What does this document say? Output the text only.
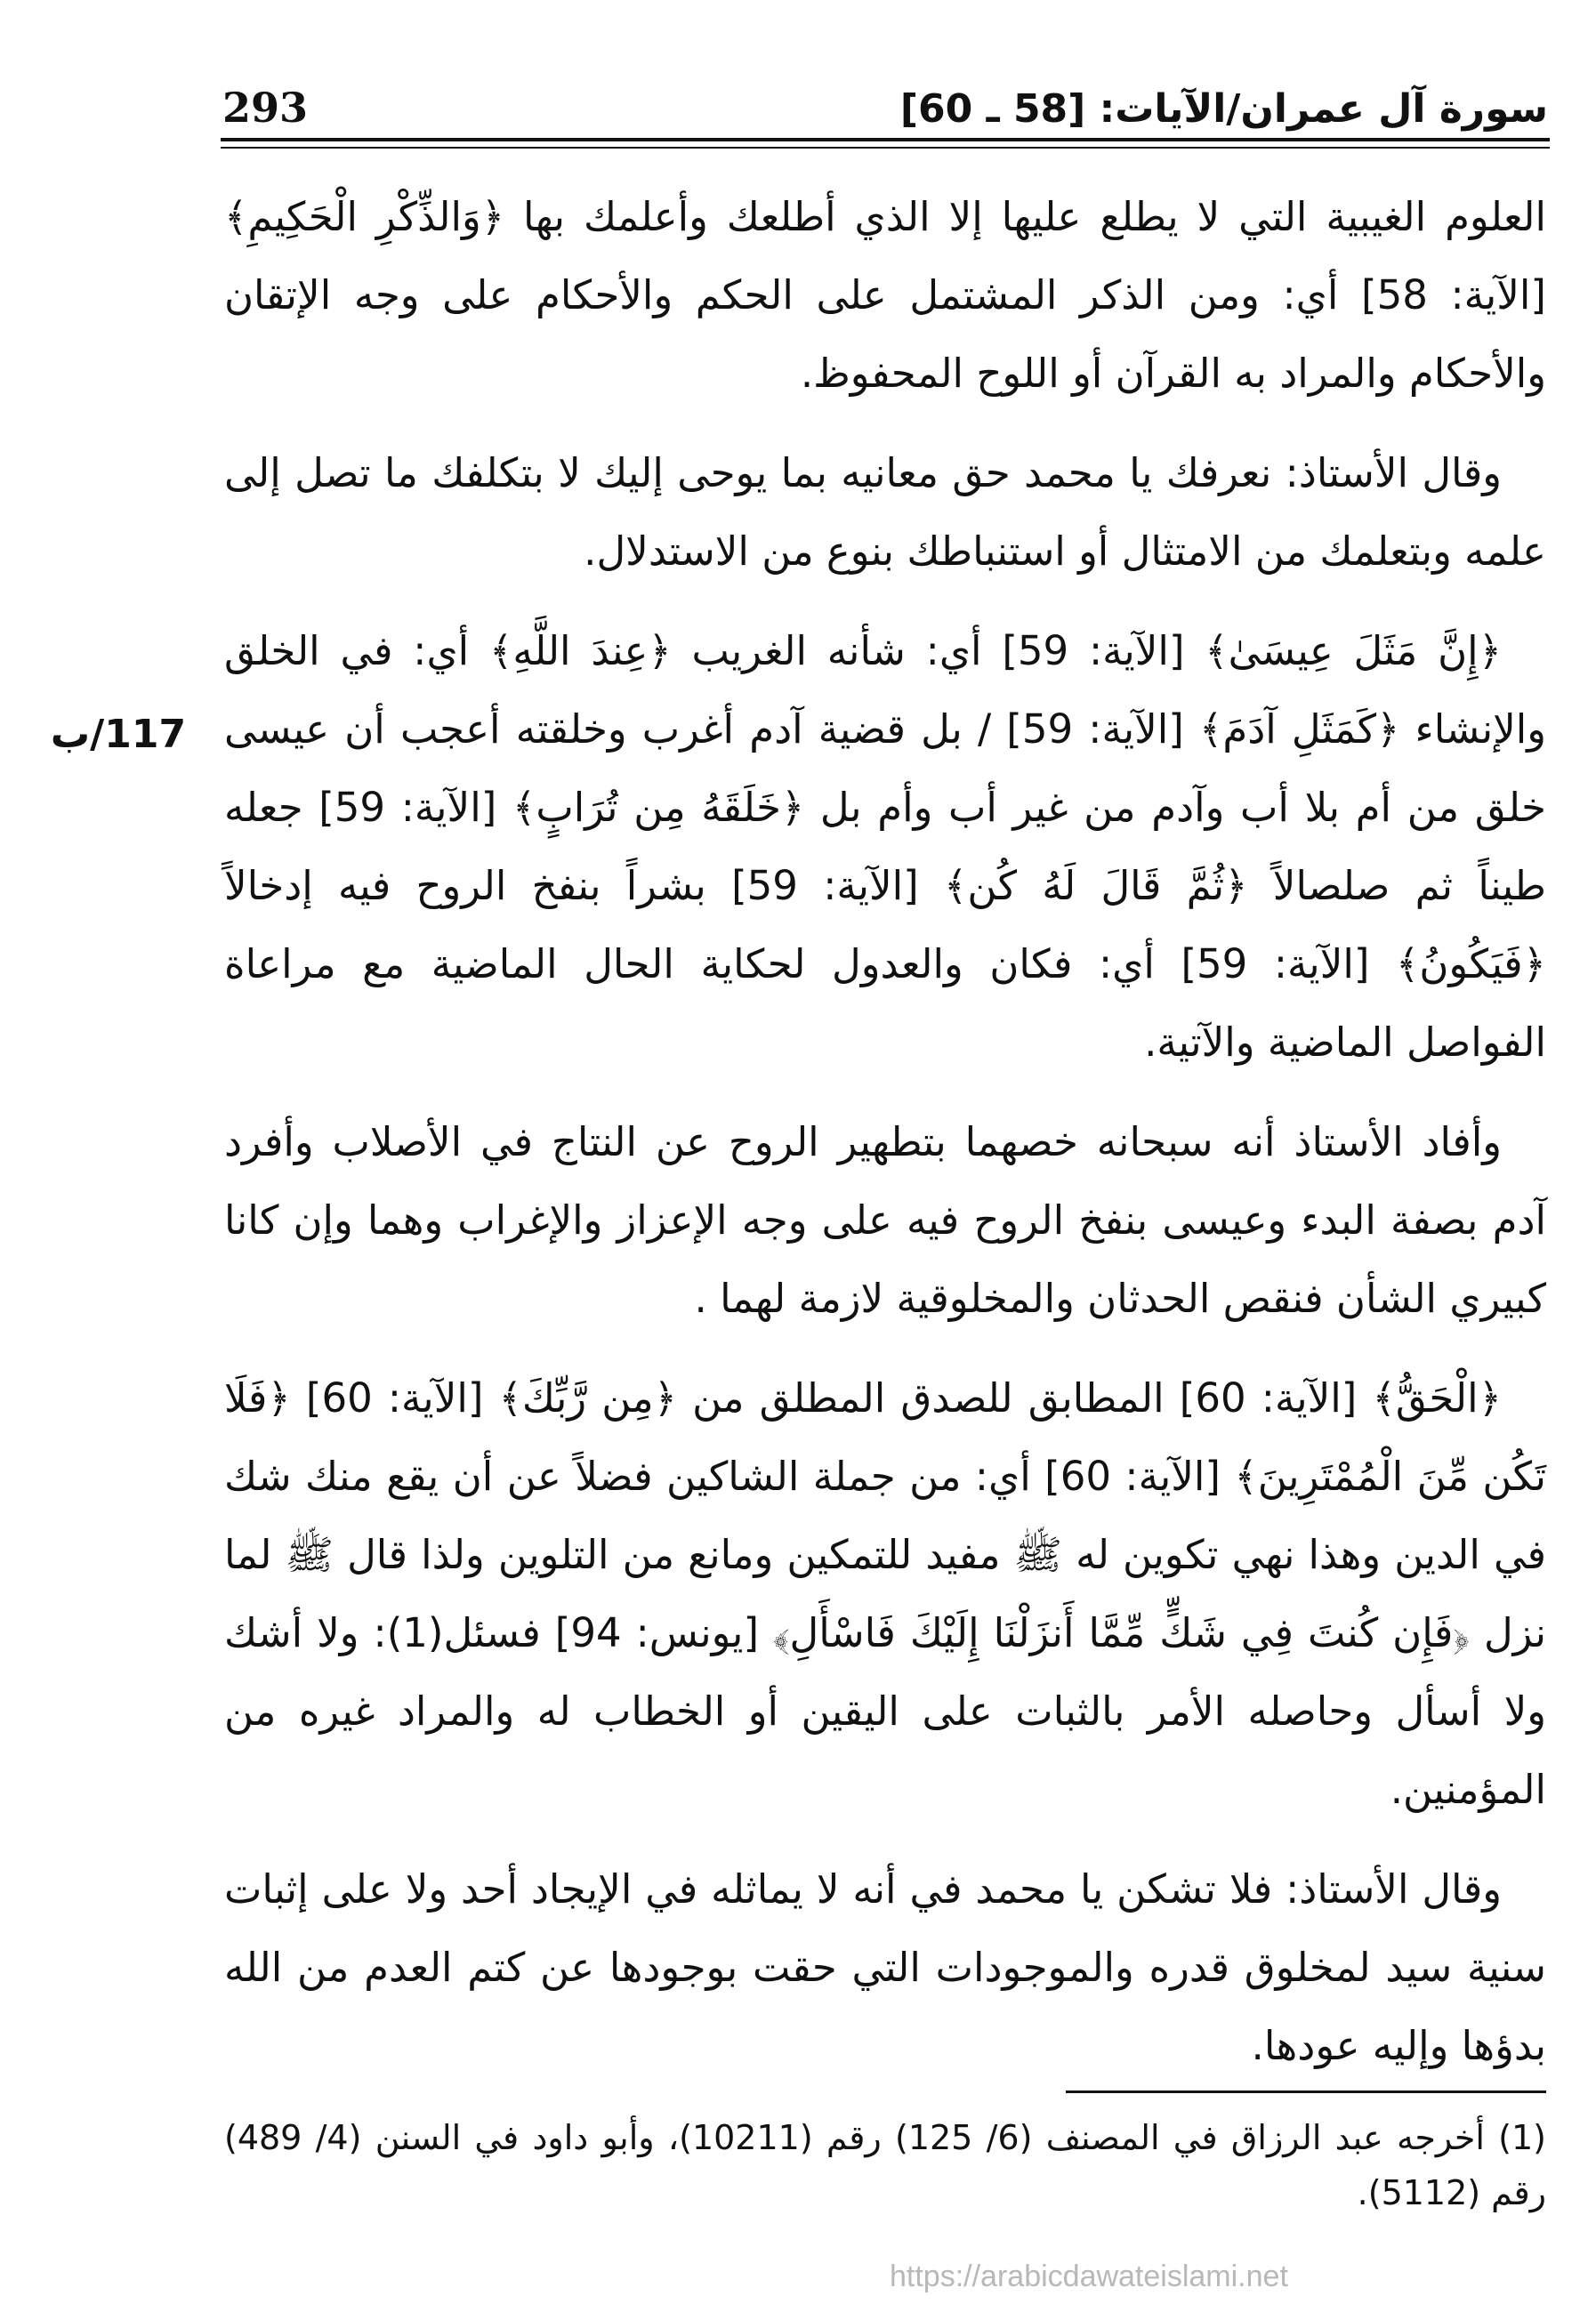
293	سورة آل عمران/الآيات: [58 ـ 60]
117/ب

العلوم الغيبية التي لا يطلع عليها إلا الذي أطلعك وأعلمك بها ﴿وَالذِّكْرِ الْحَكِيمِ﴾ [الآية: 58] أي: ومن الذكر المشتمل على الحكم والأحكام على وجه الإتقان والأحكام والمراد به القرآن أو اللوح المحفوظ.

وقال الأستاذ: نعرفك يا محمد حق معانيه بما يوحى إليك لا بتكلفك ما تصل إلى علمه وبتعلمك من الامتثال أو استنباطك بنوع من الاستدلال.

﴿إِنَّ مَثَلَ عِيسَىٰ﴾ [الآية: 59] أي: شأنه الغريب ﴿عِندَ اللَّهِ﴾ أي: في الخلق والإنشاء ﴿كَمَثَلِ آدَمَ﴾ [الآية: 59] / بل قضية آدم أغرب وخلقته أعجب أن عيسى خلق من أم بلا أب وآدم من غير أب وأم بل ﴿خَلَقَهُ مِن تُرَابٍ﴾ [الآية: 59] جعله طيناً ثم صلصالاً ﴿ثُمَّ قَالَ لَهُ كُن﴾ [الآية: 59] بشراً بنفخ الروح فيه إدخالاً ﴿فَيَكُونُ﴾ [الآية: 59] أي: فكان والعدول لحكاية الحال الماضية مع مراعاة الفواصل الماضية والآتية.

وأفاد الأستاذ أنه سبحانه خصهما بتطهير الروح عن النتاج في الأصلاب وأفرد آدم بصفة البدء وعيسى بنفخ الروح فيه على وجه الإعزاز والإغراب وهما وإن كانا كبيري الشأن فنقص الحدثان والمخلوقية لازمة لهما .

﴿الْحَقُّ﴾ [الآية: 60] المطابق للصدق المطلق من ﴿مِن رَّبِّكَ﴾ [الآية: 60] ﴿فَلَا تَكُن مِّنَ الْمُمْتَرِينَ﴾ [الآية: 60] أي: من جملة الشاكين فضلاً عن أن يقع منك شك في الدين وهذا نهي تكوين له ﷺ مفيد للتمكين ومانع من التلوين ولذا قال ﷺ لما نزل ﴿فَإِن كُنتَ فِي شَكٍّ مِّمَّا أَنزَلْنَا إِلَيْكَ فَاسْأَلِ﴾ [يونس: 94] فسئل(1): ولا أشك ولا أسأل وحاصله الأمر بالثبات على اليقين أو الخطاب له والمراد غيره من المؤمنين.

وقال الأستاذ: فلا تشكن يا محمد في أنه لا يماثله في الإيجاد أحد ولا على إثبات سنية سيد لمخلوق قدره والموجودات التي حقت بوجودها عن كتم العدم من الله بدؤها وإليه عودها.

(1) أخرجه عبد الرزاق في المصنف (6/ 125) رقم (10211)، وأبو داود في السنن (4/ 489) رقم (5112).
https://arabicdawateislami.net
